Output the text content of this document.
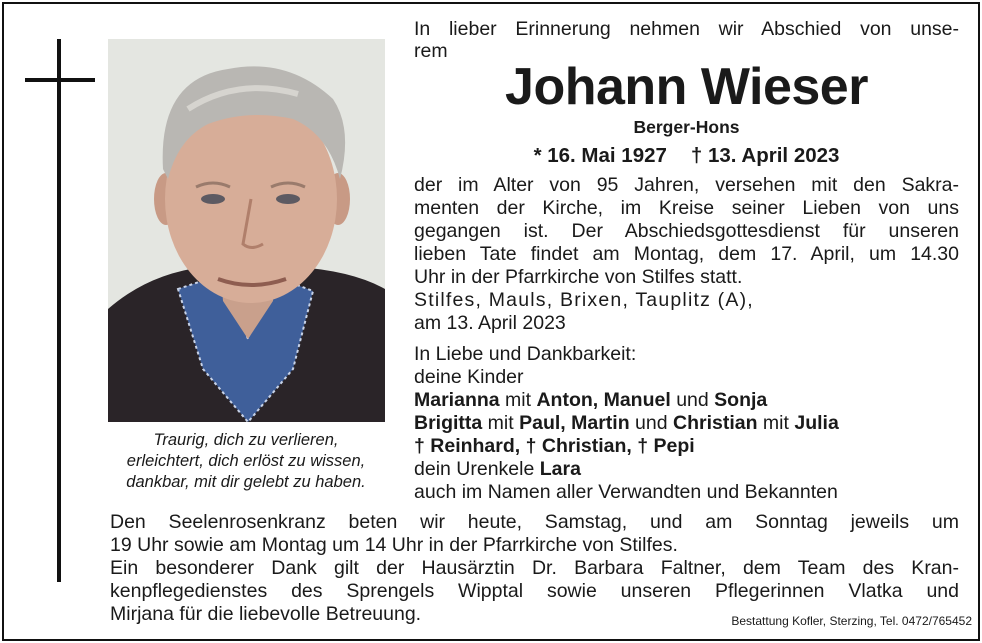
Traurig, dich zu verlieren,
erleichtert, dich erlöst zu wissen,
dankbar, mit dir gelebt zu haben.
In lieber Erinnerung nehmen wir Abschied von unse-
rem
Johann Wieser
Berger-Hons
* 16. Mai 1927 † 13. April 2023
der im Alter von 95 Jahren, versehen mit den Sakra-
menten der Kirche, im Kreise seiner Lieben von uns
gegangen ist. Der Abschiedsgottesdienst für unseren
lieben Tate findet am Montag, dem 17. April, um 14.30
Uhr in der Pfarrkirche von Stilfes statt.
Stilfes, Mauls, Brixen, Tauplitz (A),
am 13. April 2023
In Liebe und Dankbarkeit:
deine Kinder
Marianna mit Anton, Manuel und Sonja
Brigitta mit Paul, Martin und Christian mit Julia
† Reinhard, † Christian, † Pepi
dein Urenkele Lara
auch im Namen aller Verwandten und Bekannten
Den Seelenrosenkranz beten wir heute, Samstag, und am Sonntag jeweils um
19 Uhr sowie am Montag um 14 Uhr in der Pfarrkirche von Stilfes.
Ein besonderer Dank gilt der Hausärztin Dr. Barbara Faltner, dem Team des Kran-
kenpflegedienstes des Sprengels Wipptal sowie unseren Pflegerinnen Vlatka und
Mirjana für die liebevolle Betreuung.	Bestattung Kofler, Sterzing, Tel. 0472/765452
